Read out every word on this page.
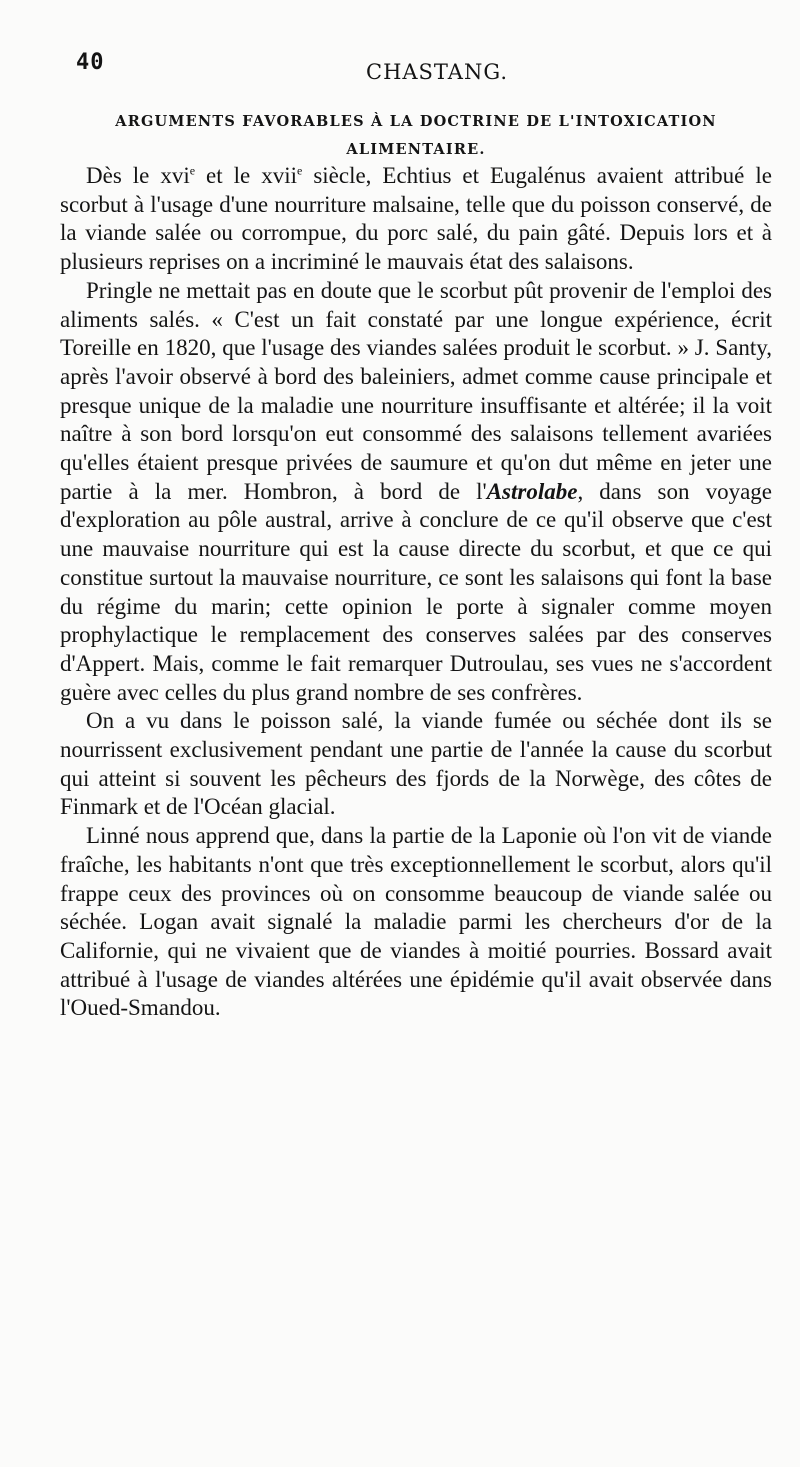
40	CHASTANG.
ARGUMENTS FAVORABLES À LA DOCTRINE DE L'INTOXICATION
ALIMENTAIRE.

Dès le xvi$^e$ et le xvii$^e$ siècle, Echtius et Eugalénus avaient attribué le scorbut à l'usage d'une nourriture malsaine, telle que du poisson conservé, de la viande salée ou corrompue, du porc salé, du pain gâté. Depuis lors et à plusieurs reprises on a incriminé le mauvais état des salaisons.

Pringle ne mettait pas en doute que le scorbut pût provenir de l'emploi des aliments salés. « C'est un fait constaté par une longue expérience, écrit Toreille en 1820, que l'usage des viandes salées produit le scorbut. » J. Santy, après l'avoir observé à bord des baleiniers, admet comme cause principale et presque unique de la maladie une nourriture insuffisante et altérée; il la voit naître à son bord lorsqu'on eut consommé des salaisons tellement avariées qu'elles étaient presque privées de saumure et qu'on dut même en jeter une partie à la mer. Hombron, à bord de l'Astrolabe, dans son voyage d'exploration au pôle austral, arrive à conclure de ce qu'il observe que c'est une mauvaise nourriture qui est la cause directe du scorbut, et que ce qui constitue surtout la mauvaise nourriture, ce sont les salaisons qui font la base du régime du marin; cette opinion le porte à signaler comme moyen prophylactique le remplacement des conserves salées par des conserves d'Appert. Mais, comme le fait remarquer Dutroulau, ses vues ne s'accordent guère avec celles du plus grand nombre de ses confrères.

On a vu dans le poisson salé, la viande fumée ou séchée dont ils se nourrissent exclusivement pendant une partie de l'année la cause du scorbut qui atteint si souvent les pêcheurs des fjords de la Norwège, des côtes de Finmark et de l'Océan glacial.

Linné nous apprend que, dans la partie de la Laponie où l'on vit de viande fraîche, les habitants n'ont que très exceptionnellement le scorbut, alors qu'il frappe ceux des provinces où on consomme beaucoup de viande salée ou séchée. Logan avait signalé la maladie parmi les chercheurs d'or de la Californie, qui ne vivaient que de viandes à moitié pourries. Bossard avait attribué à l'usage de viandes altérées une épidémie qu'il avait observée dans l'Oued-Smandou.
